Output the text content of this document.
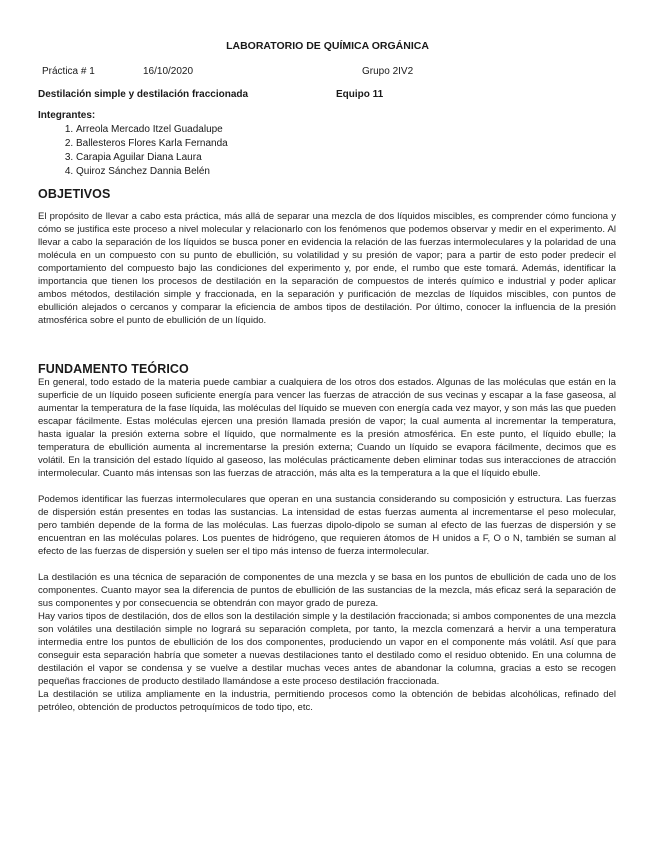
LABORATORIO DE QUÍMICA ORGÁNICA
Práctica # 1	16/10/2020	Grupo 2IV2
Destilación simple y destilación fraccionada	Equipo 11
Integrantes:
1. Arreola Mercado Itzel Guadalupe
2. Ballesteros Flores Karla Fernanda
3. Carapia Aguilar Diana Laura
4. Quiroz Sánchez Dannia Belén
OBJETIVOS

El propósito de llevar a cabo esta práctica, más allá de separar una mezcla de dos líquidos miscibles, es comprender cómo funciona y cómo se justifica este proceso a nivel molecular y relacionarlo con los fenómenos que podemos observar y medir en el experimento. Al llevar a cabo la separación de los líquidos se busca poner en evidencia la relación de las fuerzas intermoleculares y la polaridad de una molécula en un compuesto con su punto de ebullición, su volatilidad y su presión de vapor; para a partir de esto poder predecir el comportamiento del compuesto bajo las condiciones del experimento y, por ende, el rumbo que este tomará. Además, identificar la importancia que tienen los procesos de destilación en la separación de compuestos de interés químico e industrial y poder aplicar ambos métodos, destilación simple y fraccionada, en la separación y purificación de mezclas de líquidos miscibles, con puntos de ebullición alejados o cercanos y comparar la eficiencia de ambos tipos de destilación. Por último, conocer la influencia de la presión atmosférica sobre el punto de ebullición de un líquido.

FUNDAMENTO TEÓRICO

En general, todo estado de la materia puede cambiar a cualquiera de los otros dos estados. Algunas de las moléculas que están en la superficie de un líquido poseen suficiente energía para vencer las fuerzas de atracción de sus vecinas y escapar a la fase gaseosa, al aumentar la temperatura de la fase líquida, las moléculas del líquido se mueven con energía cada vez mayor, y son más las que pueden escapar fácilmente. Estas moléculas ejercen una presión llamada presión de vapor; la cual aumenta al incrementar la temperatura, hasta igualar la presión externa sobre el líquido, que normalmente es la presión atmosférica. En este punto, el líquido ebulle; la temperatura de ebullición aumenta al incrementarse la presión externa; Cuando un líquido se evapora fácilmente, decimos que es volátil. En la transición del estado líquido al gaseoso, las moléculas prácticamente deben eliminar todas sus interacciones de atracción intermolecular. Cuanto más intensas son las fuerzas de atracción, más alta es la temperatura a la que el líquido ebulle.

Podemos identificar las fuerzas intermoleculares que operan en una sustancia considerando su composición y estructura. Las fuerzas de dispersión están presentes en todas las sustancias. La intensidad de estas fuerzas aumenta al incrementarse el peso molecular, pero también depende de la forma de las moléculas. Las fuerzas dipolo-dipolo se suman al efecto de las fuerzas de dispersión y se encuentran en las moléculas polares. Los puentes de hidrógeno, que requieren átomos de H unidos a F, O o N, también se suman al efecto de las fuerzas de dispersión y suelen ser el tipo más intenso de fuerza intermolecular.

La destilación es una técnica de separación de componentes de una mezcla y se basa en los puntos de ebullición de cada uno de los componentes. Cuanto mayor sea la diferencia de puntos de ebullición de las sustancias de la mezcla, más eficaz será la separación de sus componentes y por consecuencia se obtendrán con mayor grado de pureza.

Hay varios tipos de destilación, dos de ellos son la destilación simple y la destilación fraccionada; si ambos componentes de una mezcla son volátiles una destilación simple no logrará su separación completa, por tanto, la mezcla comenzará a hervir a una temperatura intermedia entre los puntos de ebullición de los dos componentes, produciendo un vapor en el componente más volátil. Así que para conseguir esta separación habría que someter a nuevas destilaciones tanto el destilado como el residuo obtenido. En una columna de destilación el vapor se condensa y se vuelve a destilar muchas veces antes de abandonar la columna, gracias a esto se recogen pequeñas fracciones de producto destilado llamándose a este proceso destilación fraccionada.

La destilación se utiliza ampliamente en la industria, permitiendo procesos como la obtención de bebidas alcohólicas, refinado del petróleo, obtención de productos petroquímicos de todo tipo, etc.
